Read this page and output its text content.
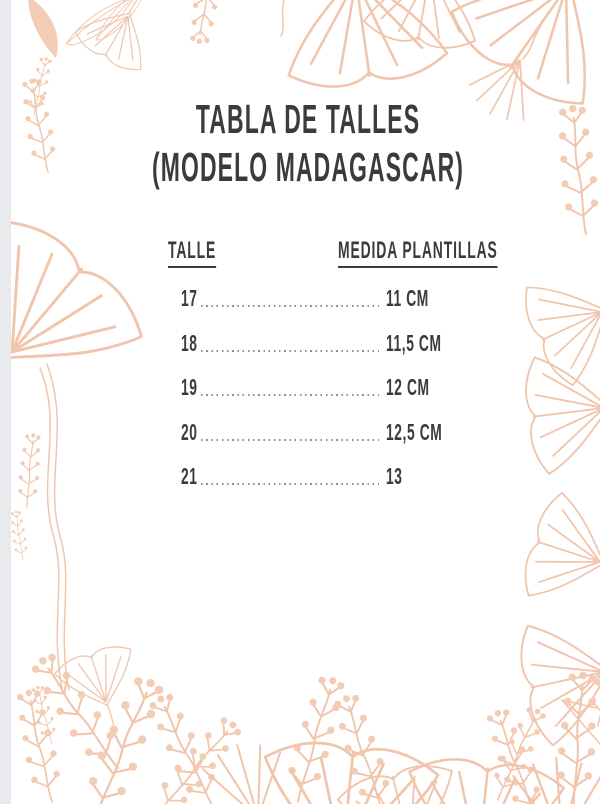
TABLA DE TALLES
(MODELO MADAGASCAR)
TALLE	MEDIDA PLANTILLAS
17	11 CM
18	11,5 CM
19	12 CM
20	12,5 CM
21	13
